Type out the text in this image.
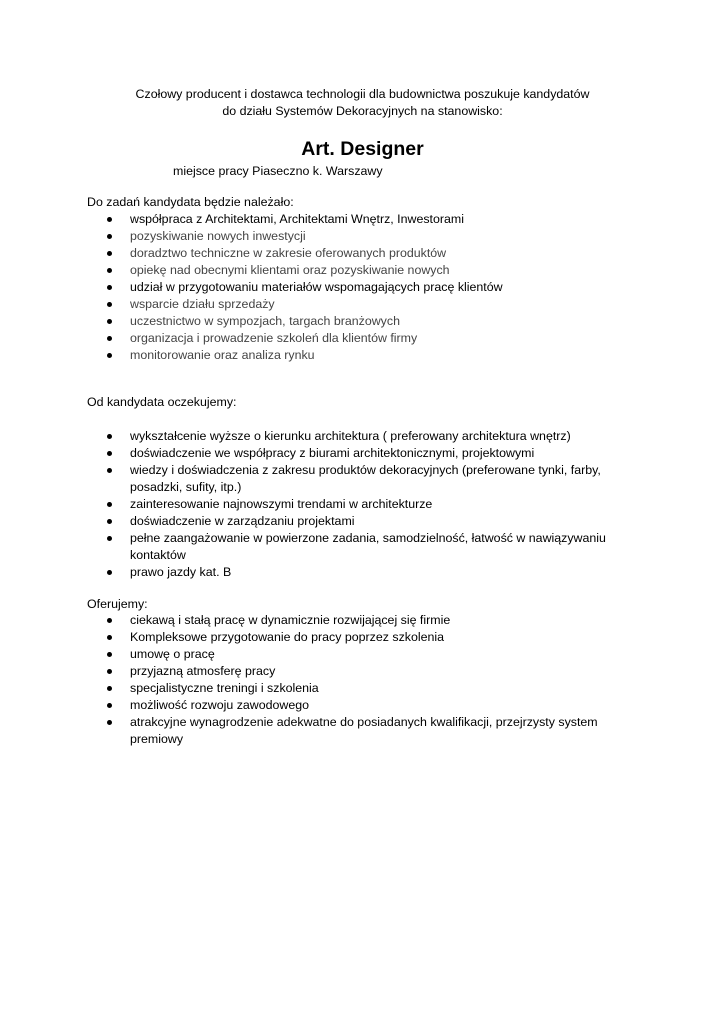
Czołowy producent i dostawca technologii dla budownictwa poszukuje kandydatów
do działu Systemów Dekoracyjnych na stanowisko:
Art. Designer
miejsce pracy Piaseczno k. Warszawy
Do zadań kandydata będzie należało:
współpraca z Architektami, Architektami Wnętrz, Inwestorami
pozyskiwanie nowych inwestycji
doradztwo techniczne w zakresie oferowanych produktów
opiekę nad obecnymi klientami oraz pozyskiwanie nowych
udział w przygotowaniu materiałów wspomagających pracę klientów
wsparcie działu sprzedaży
uczestnictwo w sympozjach, targach branżowych
organizacja i prowadzenie szkoleń dla klientów firmy
monitorowanie oraz analiza rynku
Od kandydata oczekujemy:
wykształcenie wyższe o kierunku architektura ( preferowany architektura wnętrz)
doświadczenie we współpracy z biurami architektonicznymi, projektowymi
wiedzy i doświadczenia z zakresu produktów dekoracyjnych (preferowane tynki, farby, posadzki, sufity, itp.)
zainteresowanie najnowszymi trendami w architekturze
doświadczenie w zarządzaniu projektami
pełne zaangażowanie w powierzone zadania, samodzielność, łatwość w nawiązywaniu kontaktów
prawo jazdy kat. B
Oferujemy:
ciekawą i stałą pracę w dynamicznie rozwijającej się firmie
Kompleksowe przygotowanie do pracy poprzez szkolenia
umowę o pracę
przyjazną atmosferę pracy
specjalistyczne treningi i szkolenia
możliwość rozwoju zawodowego
atrakcyjne wynagrodzenie adekwatne do posiadanych kwalifikacji, przejrzysty system premiowy
